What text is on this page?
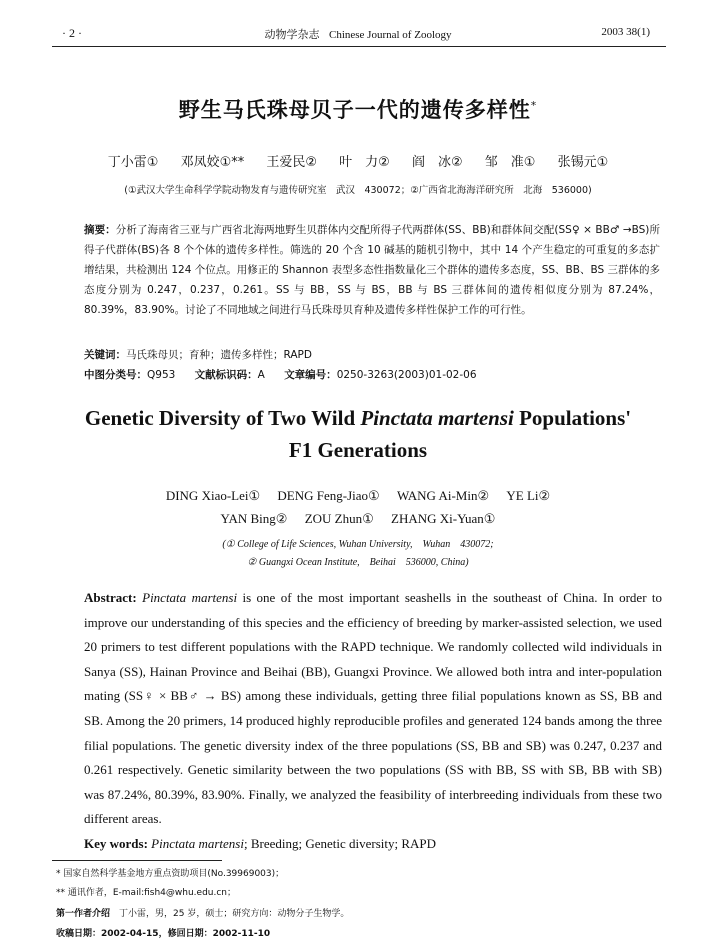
· 2 ·	动物学杂志 Chinese Journal of Zoology	2003 38(1)
野生马氏珠母贝子一代的遗传多样性*
丁小雷① 邓凤姣①** 王爱民② 叶　力② 阎　冰② 邹　准① 张锡元①
(①武汉大学生命科学学院动物发育与遗传研究室　武汉　430072；②广西省北海海洋研究所　北海　536000)
摘要：分析了海南省三亚与广西省北海两地野生贝群体内交配所得子代两群体(SS、BB)和群体间交配(SS♀ × BB♂ →BS)所得子代群体(BS)各 8 个个体的遗传多样性。筛选的 20 个含 10 碱基的随机引物中，其中 14 个产生稳定的可重复的多态扩增结果，共检测出 124 个位点。用修正的 Shannon 表型多态性指数量化三个群体的遗传多态度，SS、BB、BS 三群体的多态度分别为 0.247，0.237，0.261。SS 与 BB，SS 与 BS，BB 与 BS 三群体间的遗传相似度分别为 87.24%，80.39%，83.90%。讨论了不同地域之间进行马氏珠母贝育种及遗传多样性保护工作的可行性。
关键词：马氏珠母贝；育种；遗传多样性；RAPD
中图分类号：Q953 文献标识码：A 文章编号：0250-3263(2003)01-02-06
Genetic Diversity of Two Wild Pinctata martensi Populations'
F1 Generations
DING Xiao-Lei① DENG Feng-Jiao① WANG Ai-Min② YE Li②
YAN Bing② ZOU Zhun① ZHANG Xi-Yuan①
(① College of Life Sciences, Wuhan University,　Wuhan　430072;
② Guangxi Ocean Institute,　Beihai　536000, China)
Abstract: Pinctata martensi is one of the most important seashells in the southeast of China. In order to improve our understanding of this species and the efficiency of breeding by marker-assisted selection, we used 20 primers to test different populations with the RAPD technique. We randomly collected wild individuals in Sanya (SS), Hainan Province and Beihai (BB), Guangxi Province. We allowed both intra and inter-population mating (SS♀ × BB♂ → BS) among these individuals, getting three filial populations known as SS, BB and SB. Among the 20 primers, 14 produced highly reproducible profiles and generated 124 bands among the three filial populations. The genetic diversity index of the three populations (SS, BB and SB) was 0.247, 0.237 and 0.261 respectively. Genetic similarity between the two populations (SS with BB, SS with SB, BB with SB) was 87.24%, 80.39%, 83.90%. Finally, we analyzed the feasibility of interbreeding individuals from these two different areas.
Key words: Pinctata martensi; Breeding; Genetic diversity; RAPD
* 国家自然科学基金地方重点资助项目(No.39969003)；
** 通讯作者，E-mail:fish4@whu.edu.cn；
第一作者介绍　 丁小雷，男，25 岁，硕士；研究方向：动物分子生物学。
收稿日期：2002-04-15，修回日期：2002-11-10
